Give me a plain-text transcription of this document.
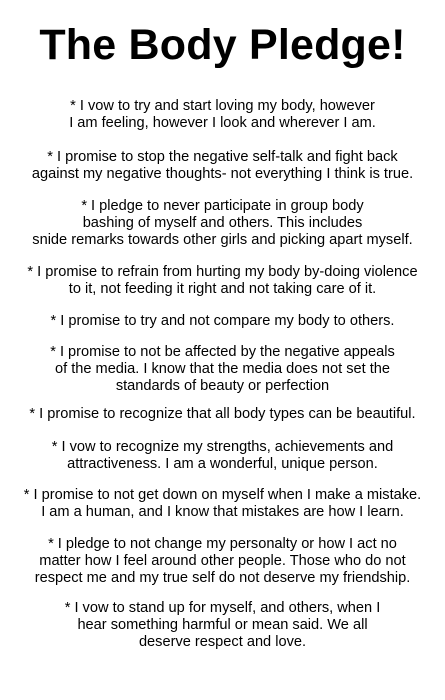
The Body Pledge!

* I vow to try and start loving my body, however
I am feeling, however I look and wherever I am.

* I promise to stop the negative self-talk and fight back
against my negative thoughts- not everything I think is true.

* I pledge to never participate in group body
bashing of myself and others. This includes
snide remarks towards other girls and picking apart myself.

* I promise to refrain from hurting my body by-doing violence
to it, not feeding it right and not taking care of it.

* I promise to try and not compare my body to others.

* I promise to not be affected by the negative appeals
of the media. I know that the media does not set the
standards of beauty or perfection

* I promise to recognize that all body types can be beautiful.

* I vow to recognize my strengths, achievements and
attractiveness. I am a wonderful, unique person.

* I promise to not get down on myself when I make a mistake.
I am a human, and I know that mistakes are how I learn.

* I pledge to not change my personalty or how I act no
matter how I feel around other people. Those who do not
respect me and my true self do not deserve my friendship.

* I vow to stand up for myself, and others, when I
hear something harmful or mean said. We all
deserve respect and love.
